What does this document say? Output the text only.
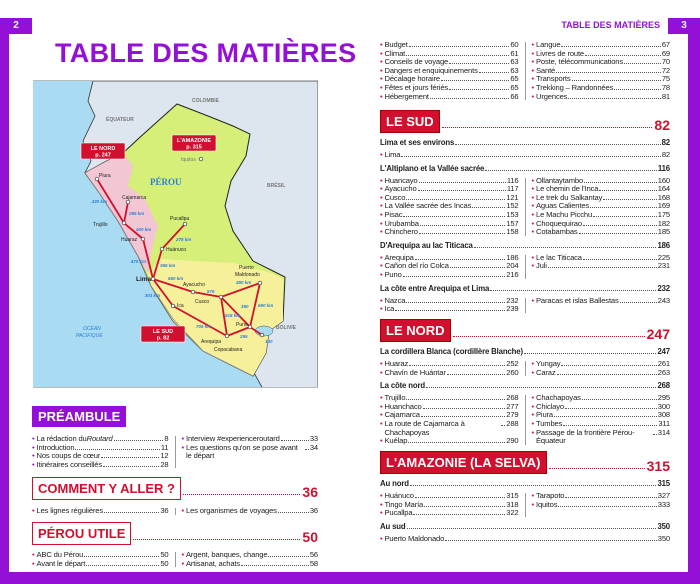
2	3
TABLE DES MATIÈRES
TABLE DES MATIÈRES
430 km
295 km
400 km
470 km
275 km
365 km
560 km
303 km
575
705 km
518 km
390
480 km
690 km
295
140
Piura
Cajamarca
Trujillo
Huaraz
Huánuco
Pucallpa
Lima
Ayacucho
Ica
Cusco
Puerto
Maldonado
Puno
Arequipa
Copacabana
Iquitos
COLOMBIE
ÉQUATEUR
BRÉSIL
BOLIVIE
PÉROU
OCÉAN
PACIFIQUE
LE NORD
p. 247
L'AMAZONIE
p. 315
LE SUD
p. 82
PRÉAMBULE
• La rédaction du Routard	8
• Introduction	11
• Nos coups de cœur	12
• Itinéraires conseillés	28
• Interview #experienceroutard	33
• Les questions qu'on se pose avant le départ
34
COMMENT Y ALLER ?	36
• Les lignes régulières	36 • Les organismes de voyages	36
PÉROU UTILE	50
• ABC du Pérou	50
• Avant le départ	50
• Argent, banques, change	56
• Artisanat, achats	58
• Budget	60
• Climat	61
• Conseils de voyage	63
• Dangers et enquiquinements	63
• Décalage horaire	65
• Fêtes et jours fériés	65
• Hébergement	66
• Langue	67
• Livres de route	69
• Poste, télécommunications	70
• Santé	72
• Transports	75
• Trekking – Randonnées	78
• Urgences	81
LE SUD	82
Lima et ses environs	82
• Lima	82
L'Altiplano et la Vallée sacrée	116
• Huancayo	116
• Ayacucho	117
• Cusco	121
• La Vallée sacrée des Incas	152
• Pisac	153
• Urubamba	157
• Chinchero	158
• Ollantaytambo	160
• Le chemin de l'Inca	164
• Le trek du Salkantay	168
• Aguas Calientes	169
• Le Machu Picchu	175
• Choquequirao	182
• Cotabambas	185
D'Arequipa au lac Titicaca	186
• Arequipa	186
• Cañon del río Colca	204
• Puno	216
• Le lac Titicaca	225
• Juli	231
La côte entre Arequipa et Lima	232
• Nazca	232
• Ica	239
• Paracas et islas Ballestas	243
LE NORD	247
La cordillera Blanca (cordillère Blanche)	247
• Huaraz	252
• Chavín de Huántar	260
• Yungay	261
• Caraz	263
La côte nord	268
• Trujillo	268
• Huanchaco	277
• Cajamarca	279
• La route de Cajamarca à Chachapoyas
288
• Kuélap	290
• Chachapoyas	295
• Chiclayo	300
• Piura	308
• Tumbes	311
• Passage de la frontière Pérou-Équateur
314
L'AMAZONIE (LA SELVA)	315
Au nord	315
• Huánuco	315
• Tingo María	318
• Pucallpa	322
• Tarapoto	327
• Iquitos	333
Au sud	350
• Puerto Maldonado	350
